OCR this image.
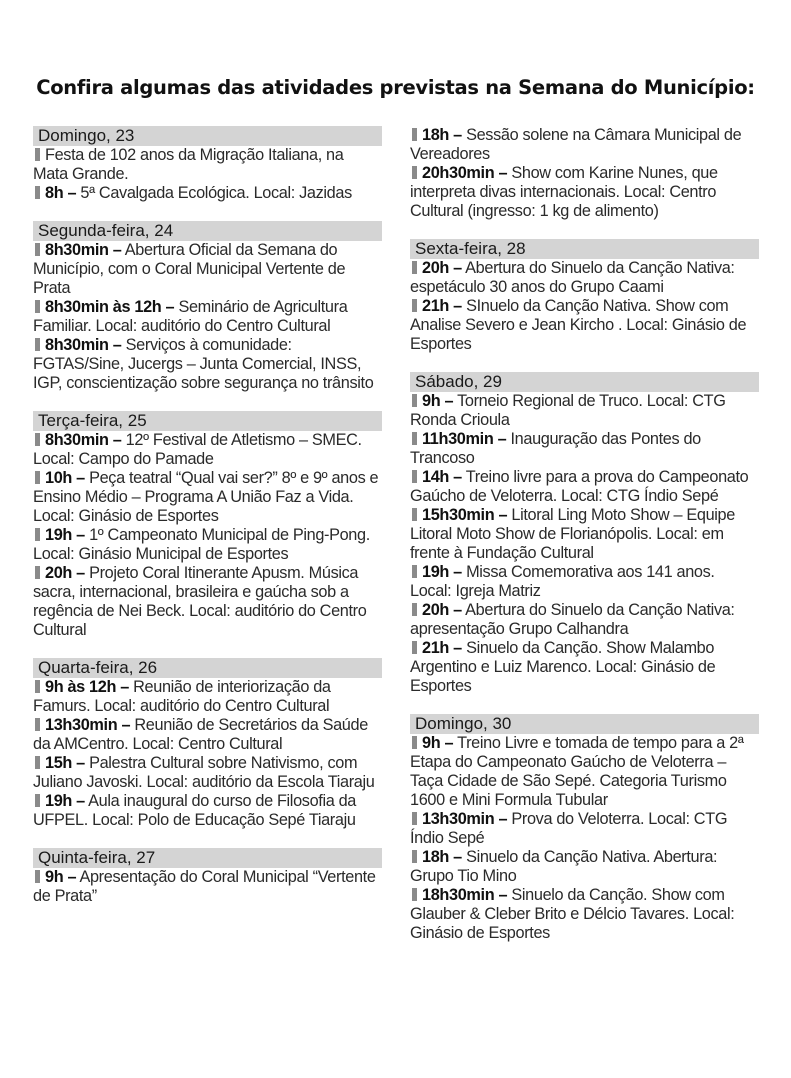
Confira algumas das atividades previstas na Semana do Município:
Domingo, 23
Festa de 102 anos da Migração Italiana, na Mata Grande.
8h – 5ª Cavalgada Ecológica. Local: Jazidas
Segunda-feira, 24
8h30min – Abertura Oficial da Semana do Município, com o Coral Municipal Vertente de Prata
8h30min às 12h – Seminário de Agricultura Familiar. Local: auditório do Centro Cultural
8h30min – Serviços à comunidade: FGTAS/Sine, Jucergs – Junta Comercial, INSS, IGP, conscientização sobre segurança no trânsito
Terça-feira, 25
8h30min – 12º Festival de Atletismo – SMEC. Local: Campo do Pamade
10h – Peça teatral “Qual vai ser?” 8º e 9º anos e Ensino Médio – Programa A União Faz a Vida. Local: Ginásio de Esportes
19h – 1º Campeonato Municipal de Ping-Pong. Local: Ginásio Municipal de Esportes
20h – Projeto Coral Itinerante Apusm. Música sacra, internacional, brasileira e gaúcha sob a regência de Nei Beck. Local: auditório do Centro Cultural
Quarta-feira, 26
9h às 12h – Reunião de interiorização da Famurs. Local: auditório do Centro Cultural
13h30min – Reunião de Secretários da Saúde da AMCentro. Local: Centro Cultural
15h – Palestra Cultural sobre Nativismo, com Juliano Javoski. Local: auditório da Escola Tiaraju
19h – Aula inaugural do curso de Filosofia da UFPEL. Local: Polo de Educação Sepé Tiaraju
Quinta-feira, 27
9h – Apresentação do Coral Municipal “Vertente de Prata”
18h – Sessão solene na Câmara Municipal de Vereadores
20h30min – Show com Karine Nunes, que interpreta divas internacionais. Local: Centro Cultural (ingresso: 1 kg de alimento)
Sexta-feira, 28
20h – Abertura do Sinuelo da Canção Nativa: espetáculo 30 anos do Grupo Caami
21h – SInuelo da Canção Nativa. Show com Analise Severo e Jean Kircho . Local: Ginásio de Esportes
Sábado, 29
9h – Torneio Regional de Truco. Local: CTG Ronda Crioula
11h30min – Inauguração das Pontes do Trancoso
14h – Treino livre para a prova do Campeonato Gaúcho de Veloterra. Local: CTG Índio Sepé
15h30min – Litoral Ling Moto Show – Equipe Litoral Moto Show de Florianópolis. Local: em frente à Fundação Cultural
19h – Missa Comemorativa aos 141 anos. Local: Igreja Matriz
20h – Abertura do Sinuelo da Canção Nativa: apresentação Grupo Calhandra
21h – Sinuelo da Canção. Show Malambo Argentino e Luiz Marenco. Local: Ginásio de Esportes
Domingo, 30
9h – Treino Livre e tomada de tempo para a 2ª Etapa do Campeonato Gaúcho de Veloterra – Taça Cidade de São Sepé. Categoria Turismo 1600 e Mini Formula Tubular
13h30min – Prova do Veloterra. Local: CTG Índio Sepé
18h – Sinuelo da Canção Nativa. Abertura: Grupo Tio Mino
18h30min – Sinuelo da Canção. Show com Glauber & Cleber Brito e Délcio Tavares. Local: Ginásio de Esportes
